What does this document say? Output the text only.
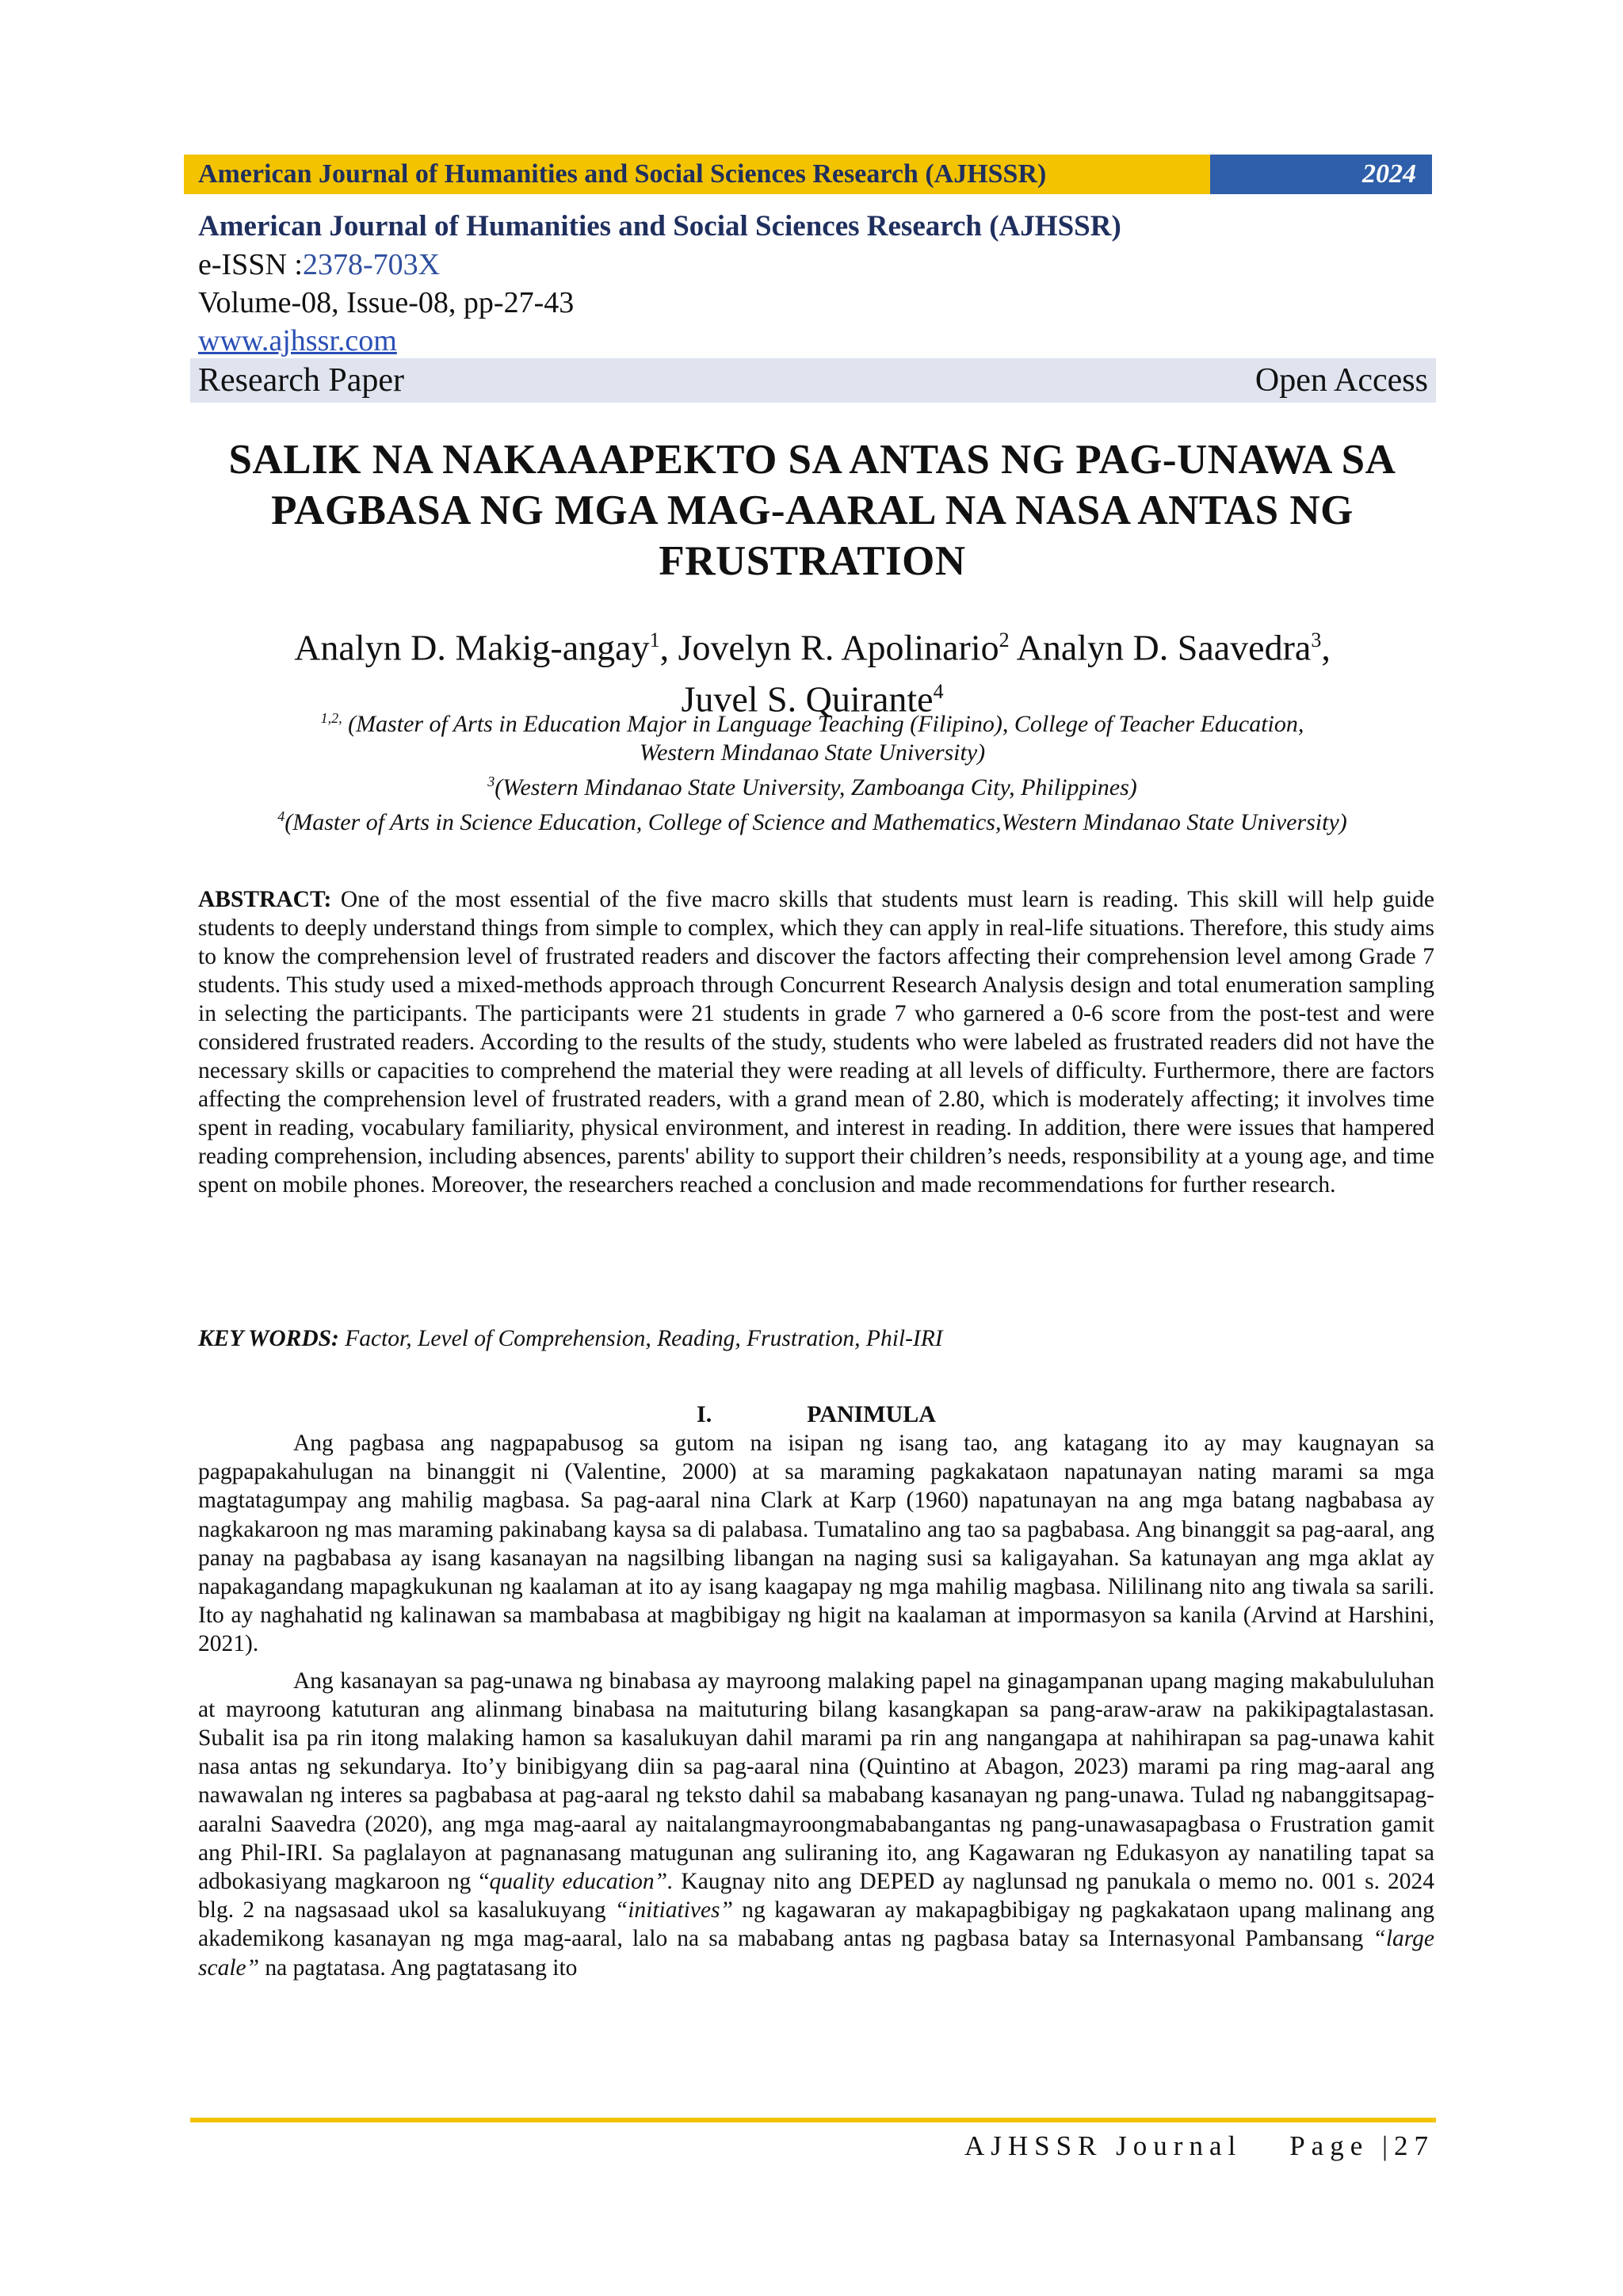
American Journal of Humanities and Social Sciences Research (AJHSSR)	2024
American Journal of Humanities and Social Sciences Research (AJHSSR)
e-ISSN :2378-703X
Volume-08, Issue-08, pp-27-43
www.ajhssr.com
Research Paper	Open Access
SALIK NA NAKAAAPEKTO SA ANTAS NG PAG-UNAWA SA
PAGBASA NG MGA MAG-AARAL NA NASA ANTAS NG
FRUSTRATION
Analyn D. Makig-angay$^1$, Jovelyn R. Apolinario$^2$ Analyn D. Saavedra$^3$,
Juvel S. Quirante$^4$
$^{1,2,}$ (Master of Arts in Education Major in Language Teaching (Filipino), College of Teacher Education,
Western Mindanao State University)
$^3$(Western Mindanao State University, Zamboanga City, Philippines)
$^4$(Master of Arts in Science Education, College of Science and Mathematics,Western Mindanao State University)
ABSTRACT: One of the most essential of the five macro skills that students must learn is reading. This skill will help guide students to deeply understand things from simple to complex, which they can apply in real-life situations. Therefore, this study aims to know the comprehension level of frustrated readers and discover the factors affecting their comprehension level among Grade 7 students. This study used a mixed-methods approach through Concurrent Research Analysis design and total enumeration sampling in selecting the participants. The participants were 21 students in grade 7 who garnered a 0-6 score from the post-test and were considered frustrated readers. According to the results of the study, students who were labeled as frustrated readers did not have the necessary skills or capacities to comprehend the material they were reading at all levels of difficulty. Furthermore, there are factors affecting the comprehension level of frustrated readers, with a grand mean of 2.80, which is moderately affecting; it involves time spent in reading, vocabulary familiarity, physical environment, and interest in reading. In addition, there were issues that hampered reading comprehension, including absences, parents' ability to support their children’s needs, responsibility at a young age, and time spent on mobile phones. Moreover, the researchers reached a conclusion and made recommendations for further research.
KEY WORDS: Factor, Level of Comprehension, Reading, Frustration, Phil-IRI
I.	PANIMULA

Ang pagbasa ang nagpapabusog sa gutom na isipan ng isang tao, ang katagang ito ay may kaugnayan sa pagpapakahulugan na binanggit ni (Valentine, 2000) at sa maraming pagkakataon napatunayan nating marami sa mga magtatagumpay ang mahilig magbasa. Sa pag-aaral nina Clark at Karp (1960) napatunayan na ang mga batang nagbabasa ay nagkakaroon ng mas maraming pakinabang kaysa sa di palabasa. Tumatalino ang tao sa pagbabasa. Ang binanggit sa pag-aaral, ang panay na pagbabasa ay isang kasanayan na nagsilbing libangan na naging susi sa kaligayahan. Sa katunayan ang mga aklat ay napakagandang mapagkukunan ng kaalaman at ito ay isang kaagapay ng mga mahilig magbasa. Nililinang nito ang tiwala sa sarili. Ito ay naghahatid ng kalinawan sa mambabasa at magbibigay ng higit na kaalaman at impormasyon sa kanila (Arvind at Harshini, 2021).

Ang kasanayan sa pag-unawa ng binabasa ay mayroong malaking papel na ginagampanan upang maging makabululuhan at mayroong katuturan ang alinmang binabasa na maituturing bilang kasangkapan sa pang-araw-araw na pakikipagtalastasan. Subalit isa pa rin itong malaking hamon sa kasalukuyan dahil marami pa rin ang nangangapa at nahihirapan sa pag-unawa kahit nasa antas ng sekundarya. Ito’y binibigyang diin sa pag-aaral nina (Quintino at Abagon, 2023) marami pa ring mag-aaral ang nawawalan ng interes sa pagbabasa at pag-aaral ng teksto dahil sa mababang kasanayan ng pang-unawa. Tulad ng nabanggitsapag-aaralni Saavedra (2020), ang mga mag-aaral ay naitalangmayroongmababangantas ng pang-unawasapagbasa o Frustration gamit ang Phil-IRI. Sa paglalayon at pagnanasang matugunan ang suliraning ito, ang Kagawaran ng Edukasyon ay nanatiling tapat sa adbokasiyang magkaroon ng “quality education”. Kaugnay nito ang DEPED ay naglunsad ng panukala o memo no. 001 s. 2024 blg. 2 na nagsasaad ukol sa kasalukuyang “initiatives” ng kagawaran ay makapagbibigay ng pagkakataon upang malinang ang akademikong kasanayan ng mga mag-aaral, lalo na sa mababang antas ng pagbasa batay sa Internasyonal Pambansang “large scale” na pagtatasa. Ang pagtatasang ito

AJHSSR Journal Page |27
